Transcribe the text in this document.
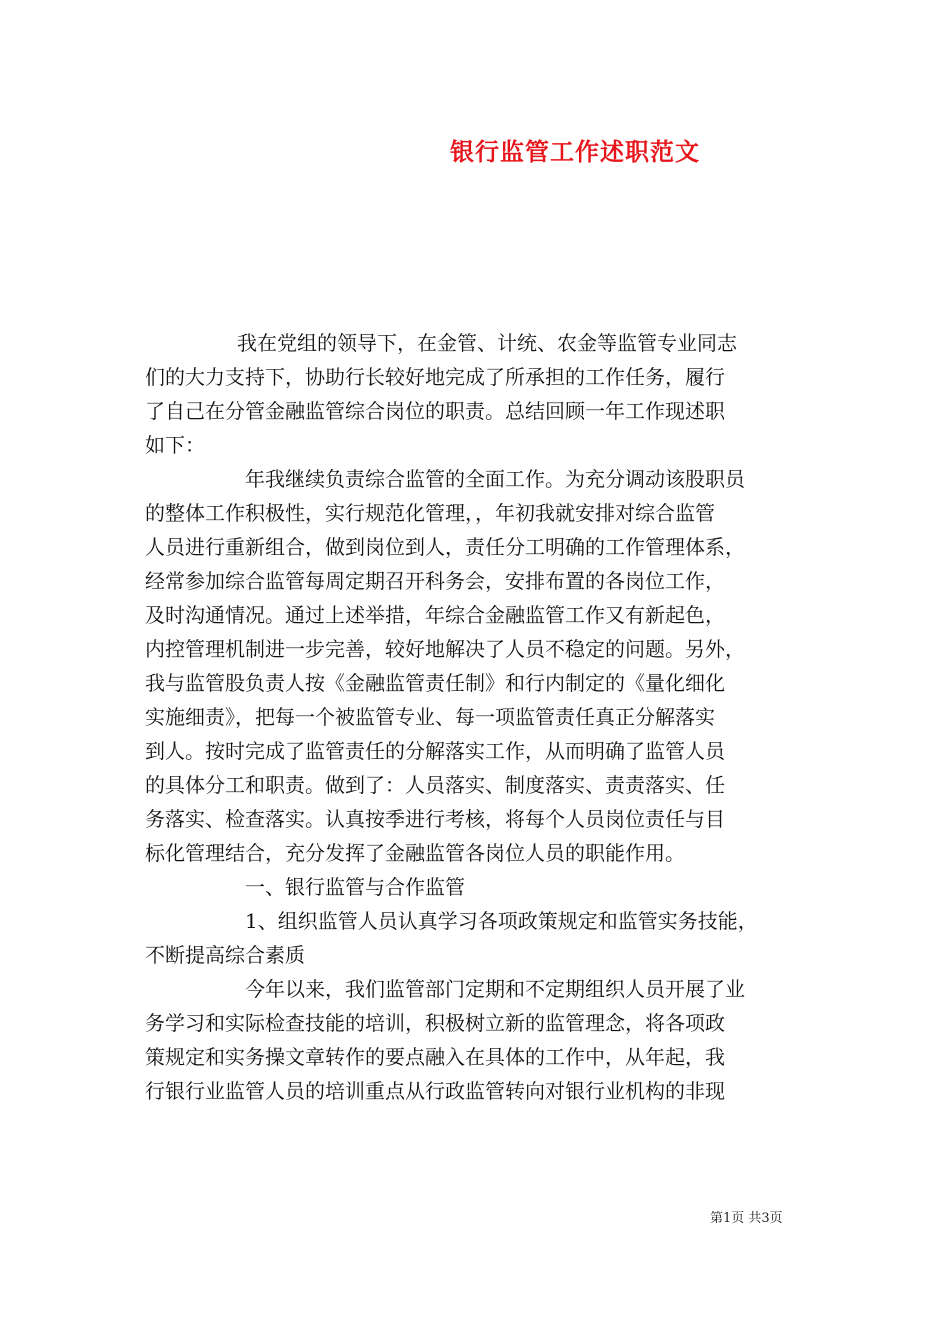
银行监管工作述职范文
我在党组的领导下，在金管、计统、农金等监管专业同志
们的大力支持下，协助行长较好地完成了所承担的工作任务，履行
了自己在分管金融监管综合岗位的职责。总结回顾一年工作现述职
如下：
年我继续负责综合监管的全面工作。为充分调动该股职员
的整体工作积极性，实行规范化管理，，年初我就安排对综合监管
人员进行重新组合，做到岗位到人，责任分工明确的工作管理体系，
经常参加综合监管每周定期召开科务会，安排布置的各岗位工作，
及时沟通情况。通过上述举措，年综合金融监管工作又有新起色，
内控管理机制进一步完善，较好地解决了人员不稳定的问题。另外，
我与监管股负责人按《金融监管责任制》和行内制定的《量化细化
实施细责》，把每一个被监管专业、每一项监管责任真正分解落实
到人。按时完成了监管责任的分解落实工作，从而明确了监管人员
的具体分工和职责。做到了：人员落实、制度落实、责责落实、任
务落实、检查落实。认真按季进行考核，将每个人员岗位责任与目
标化管理结合，充分发挥了金融监管各岗位人员的职能作用。
一、银行监管与合作监管
1、组织监管人员认真学习各项政策规定和监管实务技能，
不断提高综合素质
今年以来，我们监管部门定期和不定期组织人员开展了业
务学习和实际检查技能的培训，积极树立新的监管理念，将各项政
策规定和实务操文章转作的要点融入在具体的工作中，从年起，我
行银行业监管人员的培训重点从行政监管转向对银行业机构的非现
第1页 共3页
